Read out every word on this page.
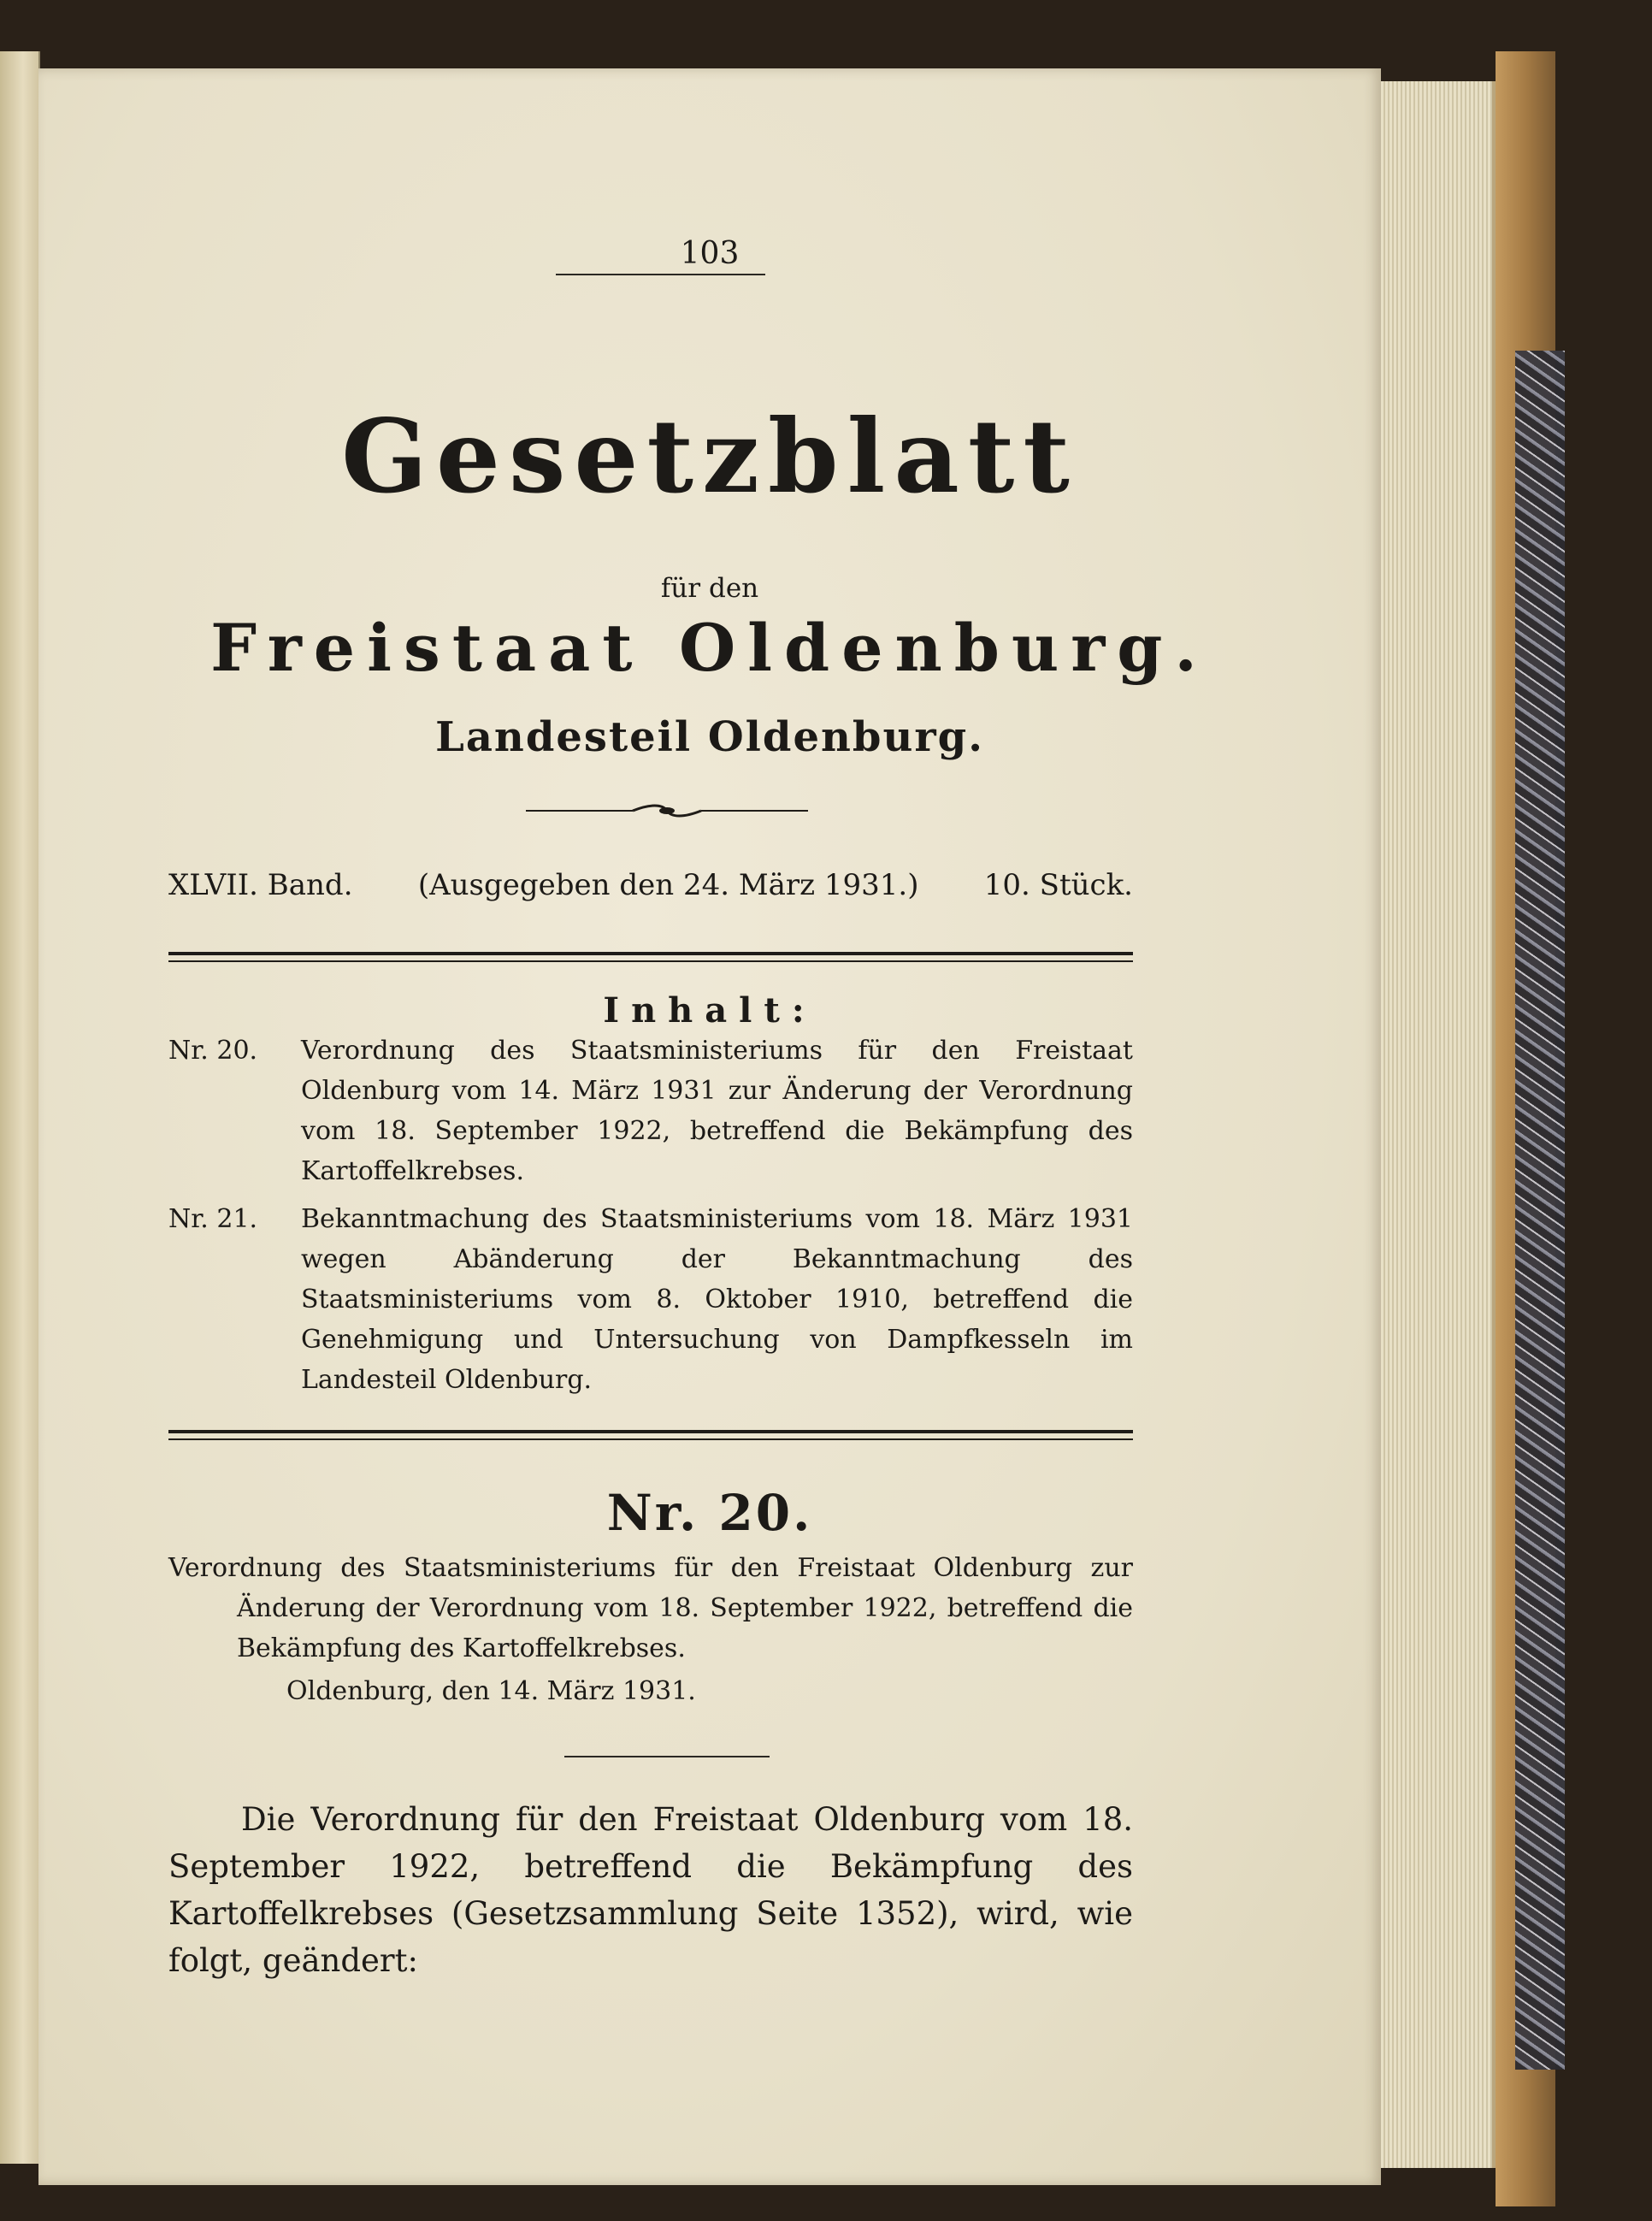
103
Gesetzblatt
für den
Freistaat Oldenburg.
Landesteil Oldenburg.
XLVII. Band. (Ausgegeben den 24. März 1931.) 10. Stück.
Inhalt:
Nr. 20.	Verordnung des Staatsministeriums für den Freistaat Oldenburg vom 14. März 1931 zur Änderung der Verordnung vom 18. September 1922, betreffend die Bekämpfung des Kartoffelkrebses.
Nr. 21.	Bekanntmachung des Staatsministeriums vom 18. März 1931 wegen Abänderung der Bekanntmachung des Staatsministeriums vom 8. Oktober 1910, betreffend die Genehmigung und Untersuchung von Dampfkesseln im Landesteil Oldenburg.
Nr. 20.
Verordnung des Staatsministeriums für den Freistaat Oldenburg zur
Änderung der Verordnung vom 18. September 1922, betreffend die Bekämpfung des Kartoffelkrebses.
Oldenburg, den 14. März 1931.
Die Verordnung für den Freistaat Oldenburg vom 18. September 1922, betreffend die Bekämpfung des Kartoffelkrebses (Gesetzsammlung Seite 1352), wird, wie folgt, geändert:
